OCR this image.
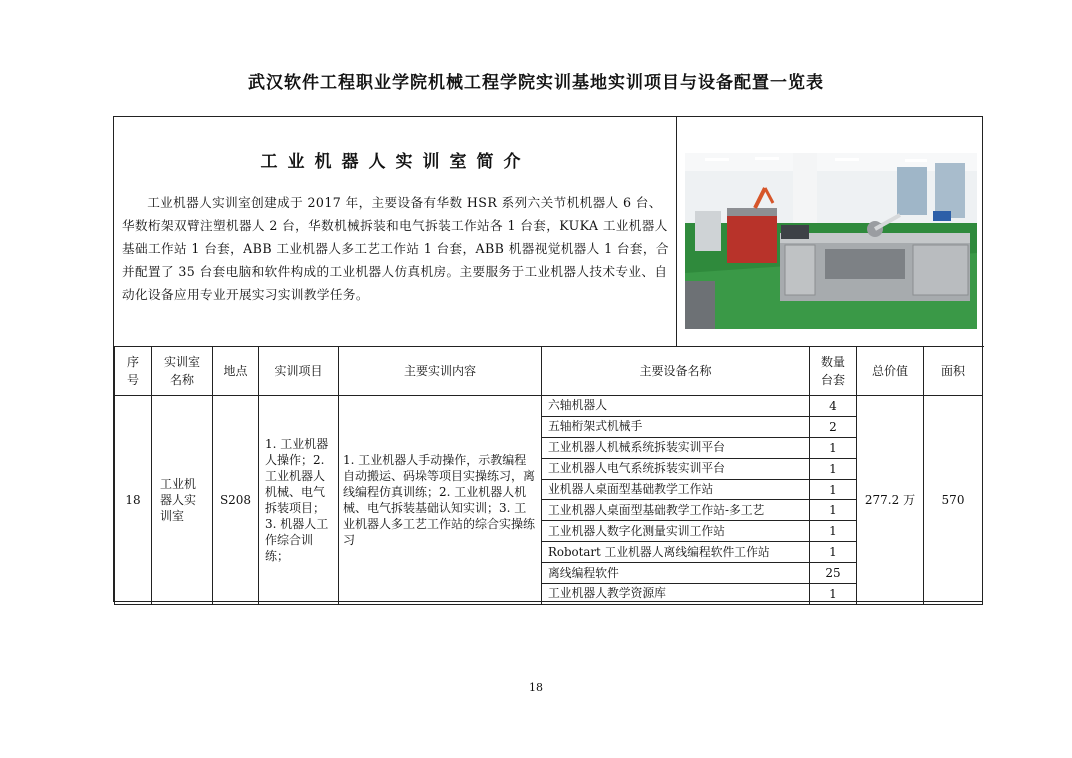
武汉软件工程职业学院机械工程学院实训基地实训项目与设备配置一览表
工业机器人实训室简介
工业机器人实训室创建成于 2017 年，主要设备有华数 HSR 系列六关节机机器人 6 台、华数桁架双臂注塑机器人 2 台，华数机械拆装和电气拆装工作站各 1 台套，KUKA 工业机器人基础工作站 1 台套，ABB 工业机器人多工艺工作站 1 台套，ABB 机器视觉机器人 1 台套，合并配置了 35 台套电脑和软件构成的工业机器人仿真机房。主要服务于工业机器人技术专业、自动化设备应用专业开展实习实训教学任务。
序号	实训室名称	地点	实训项目	主要实训内容	主要设备名称	数量台套	总价值	面积
18	工业机器人实训室	S208	1. 工业机器人操作；2. 工业机器人机械、电气拆装项目；3. 机器人工作综合训练；	1. 工业机器人手动操作，示教编程自动搬运、码垛等项目实操练习，离线编程仿真训练；2. 工业机器人机械、电气拆装基础认知实训；3. 工业机器人多工艺工作站的综合实操练习	六轴机器人	4	277.2 万	570
					五轴桁架式机械手	2		
					工业机器人机械系统拆装实训平台	1		
					工业机器人电气系统拆装实训平台	1		
					业机器人桌面型基础教学工作站	1		
					工业机器人桌面型基础教学工作站-多工艺	1		
					工业机器人数字化测量实训工作站	1		
					Robotart 工业机器人离线编程软件工作站	1		
					离线编程软件	25		
					工业机器人教学资源库	1		
18
